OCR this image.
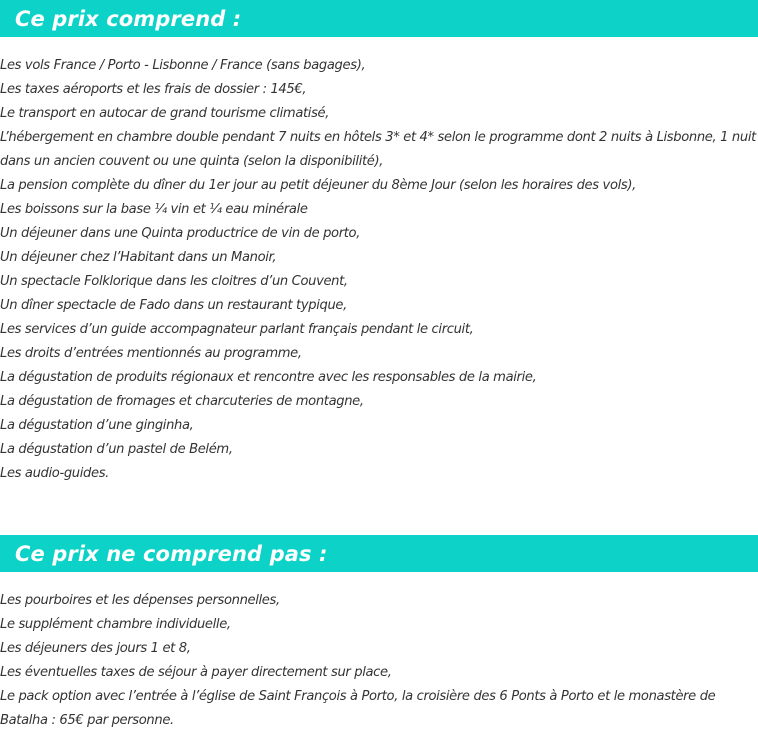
Ce prix comprend :
Les vols France / Porto - Lisbonne / France (sans bagages),
Les taxes aéroports et les frais de dossier : 145€,
Le transport en autocar de grand tourisme climatisé,
L’hébergement en chambre double pendant 7 nuits en hôtels 3* et 4* selon le programme dont 2 nuits à Lisbonne, 1 nuit dans un ancien couvent ou une quinta (selon la disponibilité),
La pension complète du dîner du 1er jour au petit déjeuner du 8ème Jour (selon les horaires des vols),
Les boissons sur la base ¼ vin et ¼ eau minérale
Un déjeuner dans une Quinta productrice de vin de porto,
Un déjeuner chez l’Habitant dans un Manoir,
Un spectacle Folklorique dans les cloitres d’un Couvent,
Un dîner spectacle de Fado dans un restaurant typique,
Les services d’un guide accompagnateur parlant français pendant le circuit,
Les droits d’entrées mentionnés au programme,
La dégustation de produits régionaux et rencontre avec les responsables de la mairie,
La dégustation de fromages et charcuteries de montagne,
La dégustation d’une ginginha,
La dégustation d’un pastel de Belém,
Les audio-guides.
Ce prix ne comprend pas :
Les pourboires et les dépenses personnelles,
Le supplément chambre individuelle,
Les déjeuners des jours 1 et 8,
Les éventuelles taxes de séjour à payer directement sur place,
Le pack option avec l’entrée à l’église de Saint François à Porto, la croisière des 6 Ponts à Porto et le monastère de Batalha : 65€ par personne.
